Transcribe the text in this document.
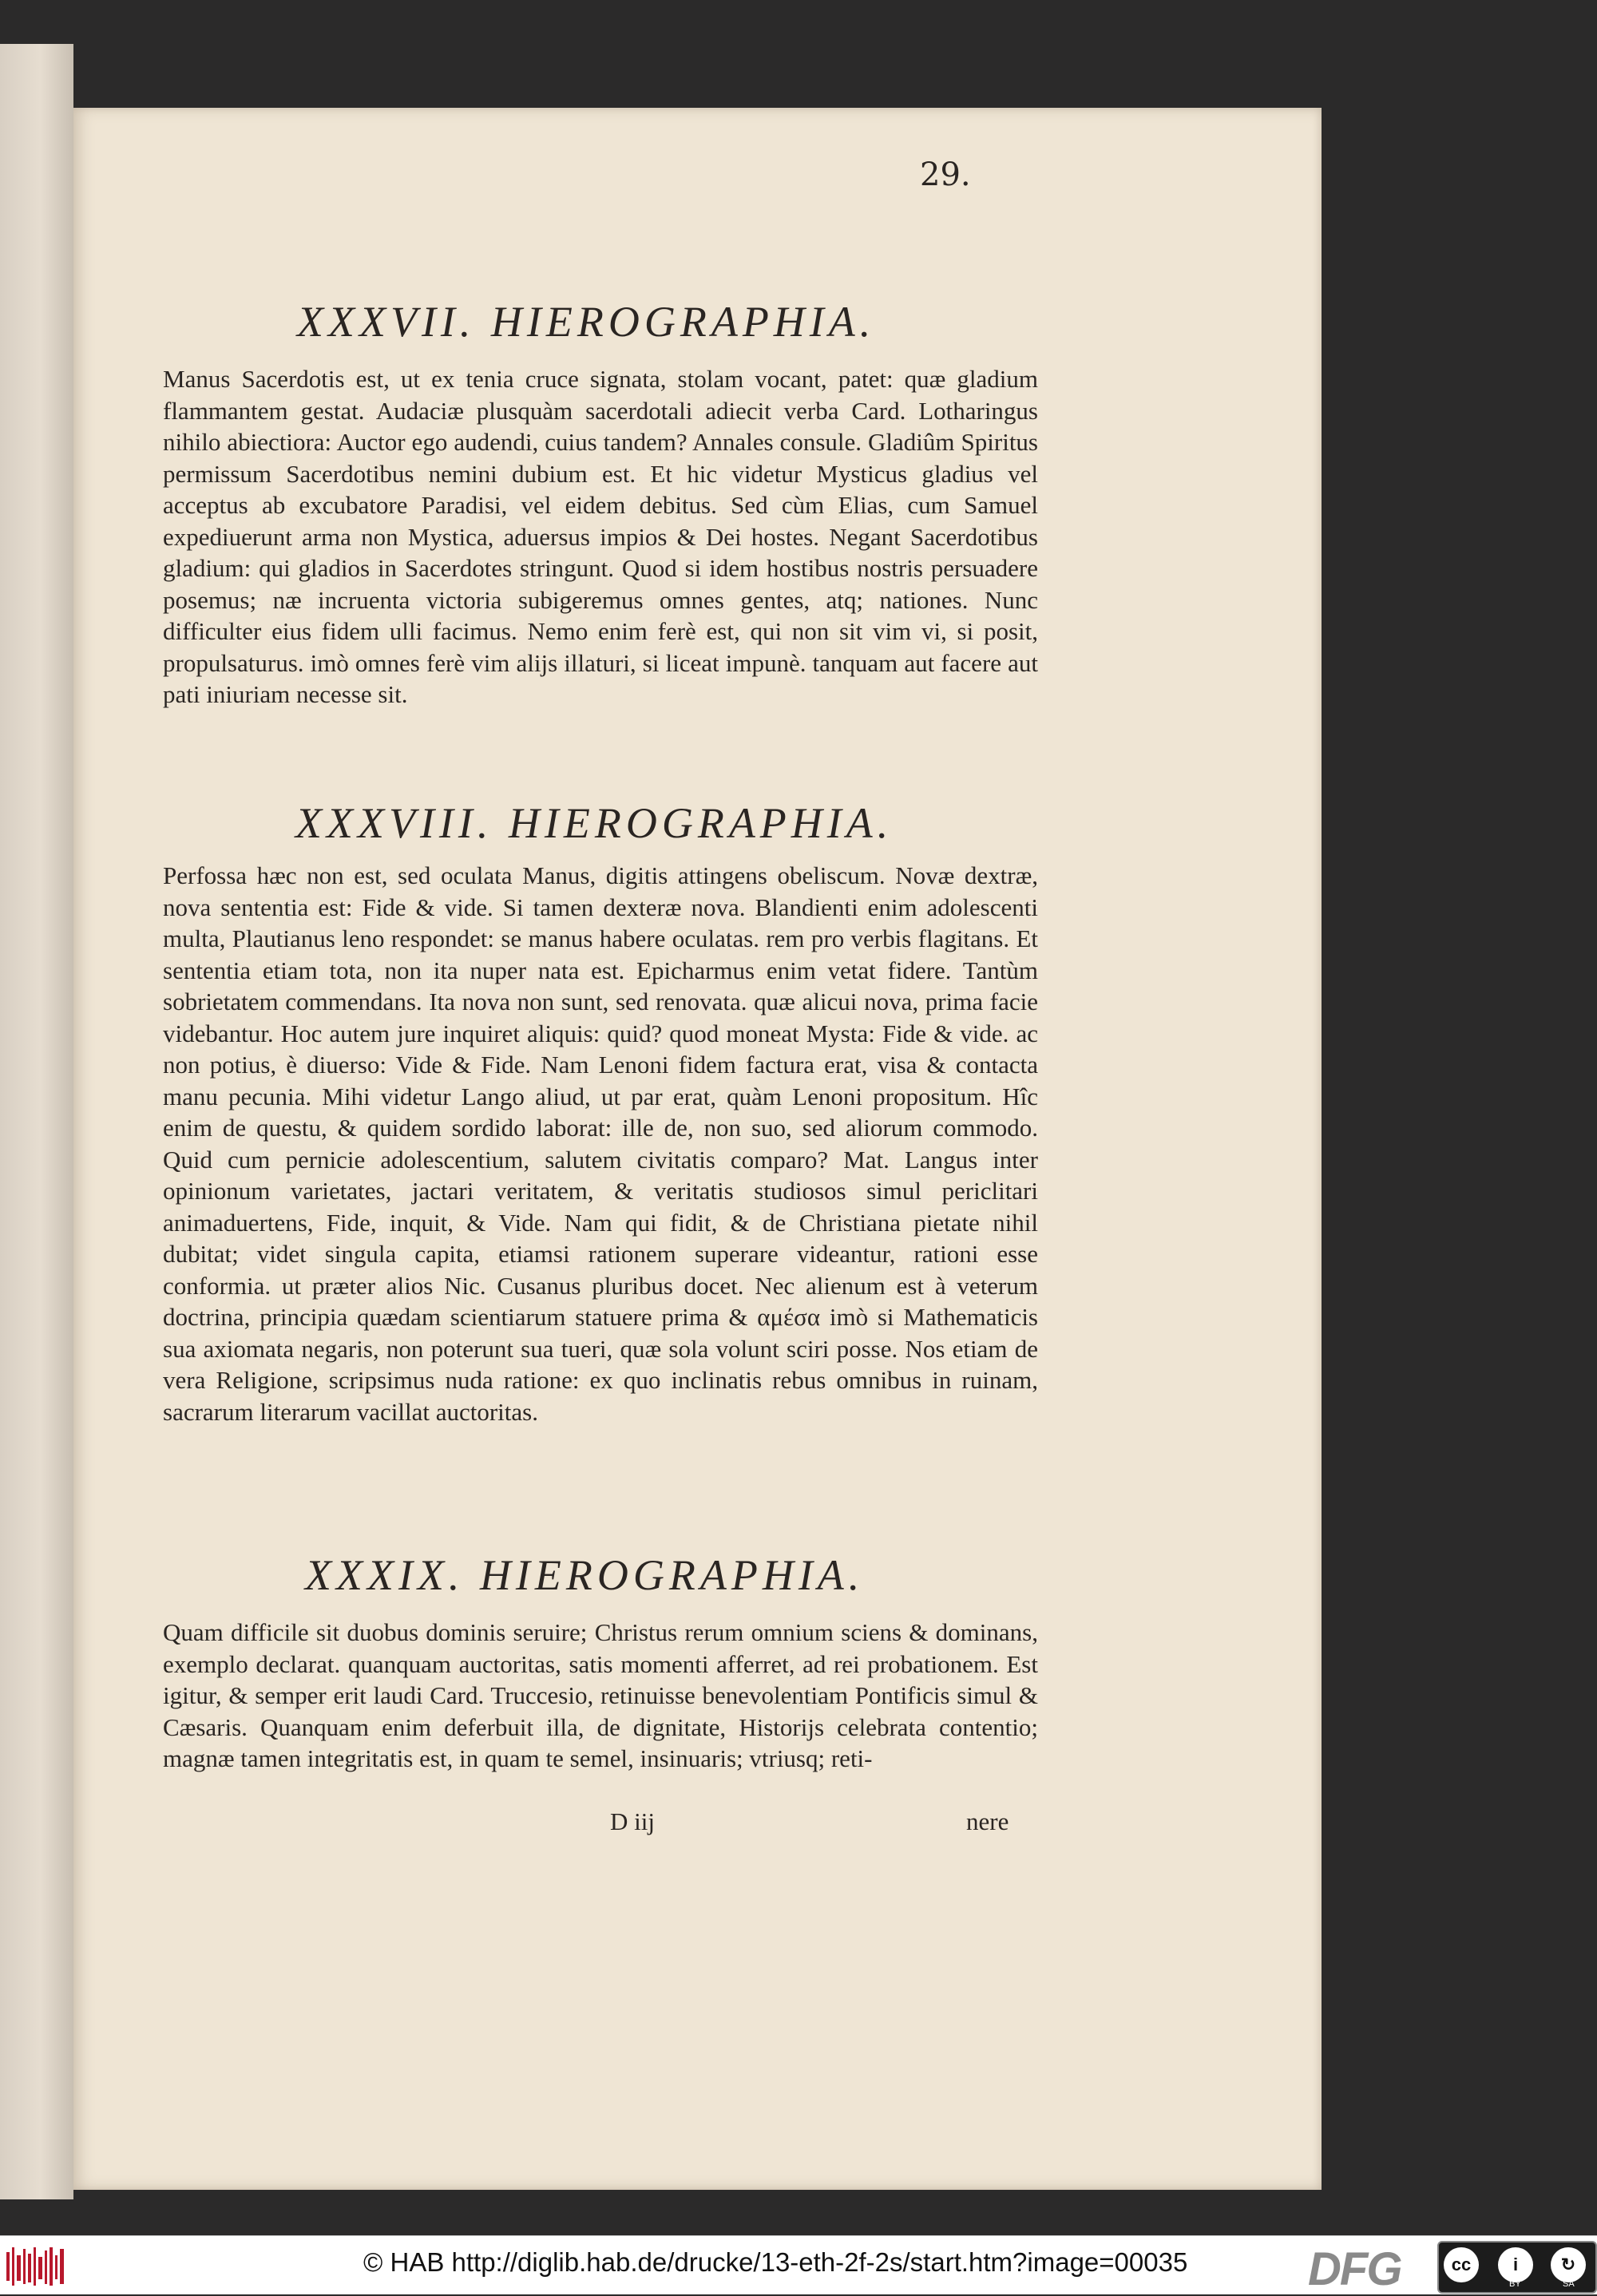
29.

XXXVII. HIEROGRAPHIA.

Manus Sacerdotis est, ut ex tenia cruce signata, stolam vocant, patet: quæ gladium flammantem gestat. Audaciæ plusquàm sacerdotali adiecit verba Card. Lotharingus nihilo abiectiora: Auctor ego audendi, cuius tandem? Annales consule. Gladiûm Spiritus permissum Sacerdotibus nemini dubium est. Et hic videtur Mysticus gladius vel acceptus ab excubatore Paradisi, vel eidem debitus. Sed cùm Elias, cum Samuel expediuerunt arma non Mystica, aduersus impios & Dei hostes. Negant Sacerdotibus gladium: qui gladios in Sacerdotes stringunt. Quod si idem hostibus nostris persuadere posemus; næ incruenta victoria subigeremus omnes gentes, atq; nationes. Nunc difficulter eius fidem ulli facimus. Nemo enim ferè est, qui non sit vim vi, si posit, propulsaturus. imò omnes ferè vim alijs illaturi, si liceat impunè. tanquam aut facere aut pati iniuriam necesse sit.

XXXVIII. HIEROGRAPHIA.

Perfossa hæc non est, sed oculata Manus, digitis attingens obeliscum. Novæ dextræ, nova sententia est: Fide & vide. Si tamen dexteræ nova. Blandienti enim adolescenti multa, Plautianus leno respondet: se manus habere oculatas. rem pro verbis flagitans. Et sententia etiam tota, non ita nuper nata est. Epicharmus enim vetat fidere. Tantùm sobrietatem commendans. Ita nova non sunt, sed renovata. quæ alicui nova, prima facie videbantur. Hoc autem jure inquiret aliquis: quid? quod moneat Mysta: Fide & vide. ac non potius, è diuerso: Vide & Fide. Nam Lenoni fidem factura erat, visa & contacta manu pecunia. Mihi videtur Lango aliud, ut par erat, quàm Lenoni propositum. Hîc enim de questu, & quidem sordido laborat: ille de, non suo, sed aliorum commodo. Quid cum pernicie adolescentium, salutem civitatis comparo? Mat. Langus inter opinionum varietates, jactari veritatem, & veritatis studiosos simul periclitari animaduertens, Fide, inquit, & Vide. Nam qui fidit, & de Christiana pietate nihil dubitat; videt singula capita, etiamsi rationem superare videantur, rationi esse conformia. ut præter alios Nic. Cusanus pluribus docet. Nec alienum est à veterum doctrina, principia quædam scientiarum statuere prima & αμέσα imò si Mathematicis sua axiomata negaris, non poterunt sua tueri, quæ sola volunt sciri posse. Nos etiam de vera Religione, scripsimus nuda ratione: ex quo inclinatis rebus omnibus in ruinam, sacrarum literarum vacillat auctoritas.

XXXIX. HIEROGRAPHIA.

Quam difficile sit duobus dominis seruire; Christus rerum omnium sciens & dominans, exemplo declarat. quanquam auctoritas, satis momenti afferret, ad rei probationem. Est igitur, & semper erit laudi Card. Truccesio, retinuisse benevolentiam Pontificis simul & Cæsaris. Quanquam enim deferbuit illa, de dignitate, Historijs celebrata contentio; magnæ tamen integritatis est, in quam te semel, insinuaris; vtriusq; reti-

D iij	nere

© HAB http://diglib.hab.de/drucke/13-eth-2f-2s/start.htm?image=00035	DFG	cc	i	↻
BY	SA
